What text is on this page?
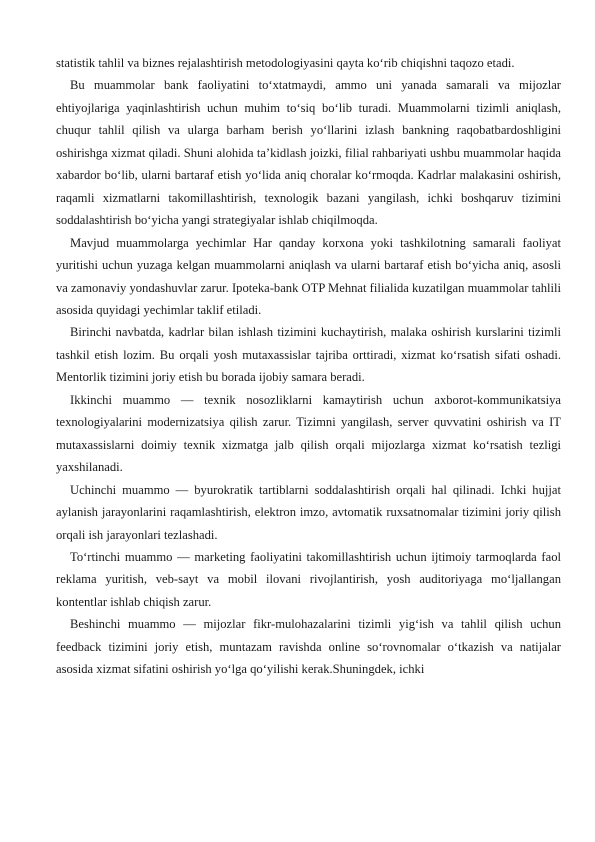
statistik tahlil va biznes rejalashtirish metodologiyasini qayta ko‘rib chiqishni taqozo etadi.

Bu muammolar bank faoliyatini to‘xtatmaydi, ammo uni yanada samarali va mijozlar ehtiyojlariga yaqinlashtirish uchun muhim to‘siq bo‘lib turadi. Muammolarni tizimli aniqlash, chuqur tahlil qilish va ularga barham berish yo‘llarini izlash bankning raqobatbardoshligini oshirishga xizmat qiladi. Shuni alohida ta’kidlash joizki, filial rahbariyati ushbu muammolar haqida xabardor bo‘lib, ularni bartaraf etish yo‘lida aniq choralar ko‘rmoqda. Kadrlar malakasini oshirish, raqamli xizmatlarni takomillashtirish, texnologik bazani yangilash, ichki boshqaruv tizimini soddalashtirish bo‘yicha yangi strategiyalar ishlab chiqilmoqda.

Mavjud muammolarga yechimlar Har qanday korxona yoki tashkilotning samarali faoliyat yuritishi uchun yuzaga kelgan muammolarni aniqlash va ularni bartaraf etish bo‘yicha aniq, asosli va zamonaviy yondashuvlar zarur. Ipoteka-bank OTP Mehnat filialida kuzatilgan muammolar tahlili asosida quyidagi yechimlar taklif etiladi.

Birinchi navbatda, kadrlar bilan ishlash tizimini kuchaytirish, malaka oshirish kurslarini tizimli tashkil etish lozim. Bu orqali yosh mutaxassislar tajriba orttiradi, xizmat ko‘rsatish sifati oshadi. Mentorlik tizimini joriy etish bu borada ijobiy samara beradi.

Ikkinchi muammo — texnik nosozliklarni kamaytirish uchun axborot-kommunikatsiya texnologiyalarini modernizatsiya qilish zarur. Tizimni yangilash, server quvvatini oshirish va IT mutaxassislarni doimiy texnik xizmatga jalb qilish orqali mijozlarga xizmat ko‘rsatish tezligi yaxshilanadi.

Uchinchi muammo — byurokratik tartiblarni soddalashtirish orqali hal qilinadi. Ichki hujjat aylanish jarayonlarini raqamlashtirish, elektron imzo, avtomatik ruxsatnomalar tizimini joriy qilish orqali ish jarayonlari tezlashadi.

To‘rtinchi muammo — marketing faoliyatini takomillashtirish uchun ijtimoiy tarmoqlarda faol reklama yuritish, veb-sayt va mobil ilovani rivojlantirish, yosh auditoriyaga mo‘ljallangan kontentlar ishlab chiqish zarur.

Beshinchi muammo — mijozlar fikr-mulohazalarini tizimli yig‘ish va tahlil qilish uchun feedback tizimini joriy etish, muntazam ravishda online so‘rovnomalar o‘tkazish va natijalar asosida xizmat sifatini oshirish yo‘lga qo‘yilishi kerak.Shuningdek, ichki
